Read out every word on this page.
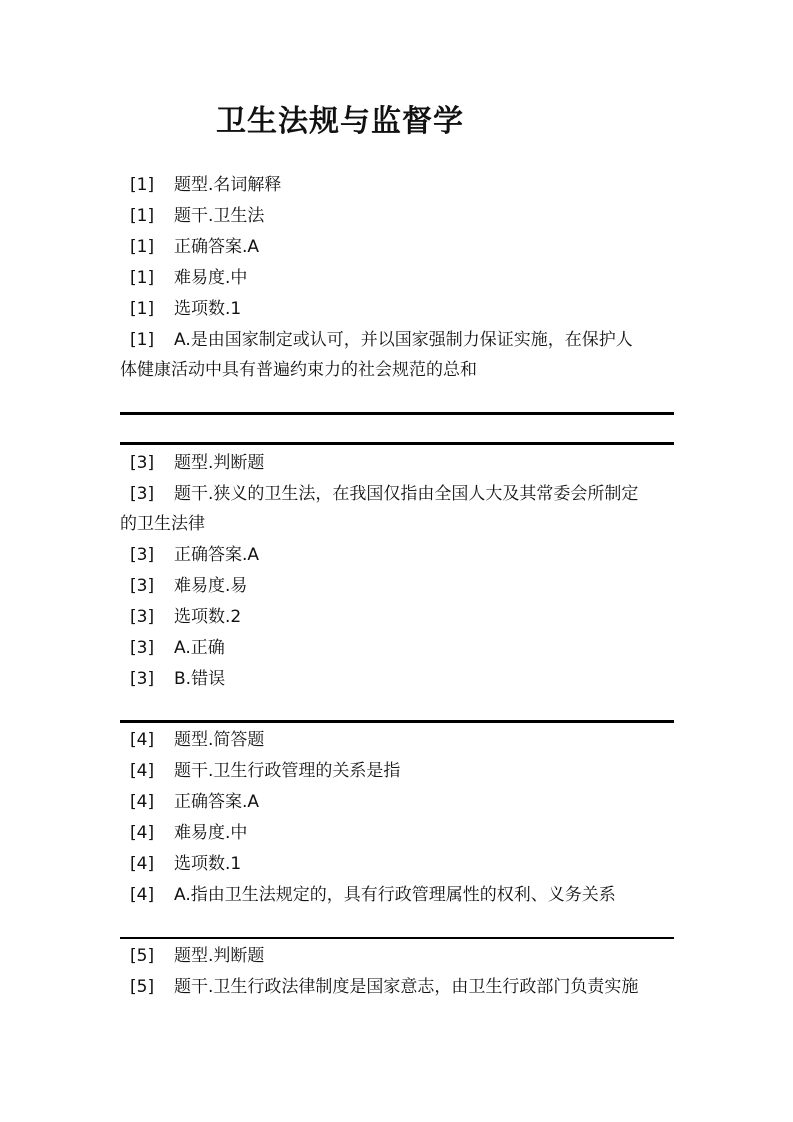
卫生法规与监督学
[1] 题型.名词解释
[1] 题干.卫生法
[1] 正确答案.A
[1] 难易度.中
[1] 选项数.1
[1] A.是由国家制定或认可，并以国家强制力保证实施，在保护人
体健康活动中具有普遍约束力的社会规范的总和
[3] 题型.判断题
[3] 题干.狭义的卫生法，在我国仅指由全国人大及其常委会所制定
的卫生法律
[3] 正确答案.A
[3] 难易度.易
[3] 选项数.2
[3] A.正确
[3] B.错误
[4] 题型.简答题
[4] 题干.卫生行政管理的关系是指
[4] 正确答案.A
[4] 难易度.中
[4] 选项数.1
[4] A.指由卫生法规定的，具有行政管理属性的权利、义务关系
[5] 题型.判断题
[5] 题干.卫生行政法律制度是国家意志，由卫生行政部门负责实施
